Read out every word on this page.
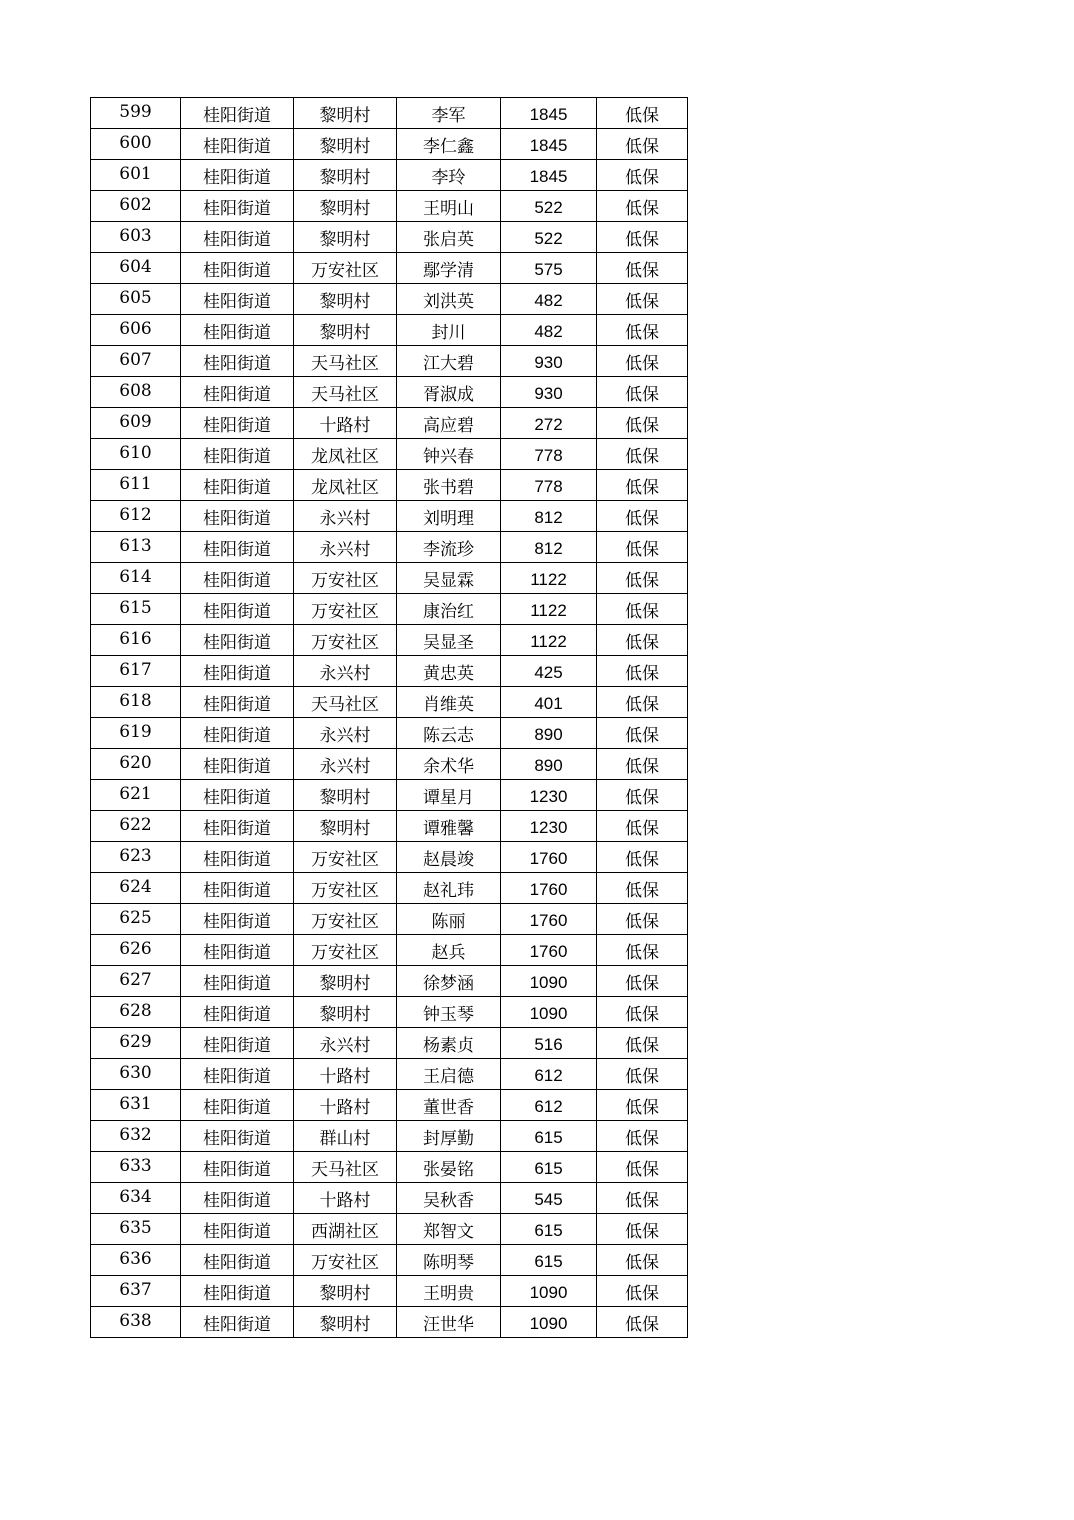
599	桂阳街道	黎明村	李军	1845	低保
600	桂阳街道	黎明村	李仁鑫	1845	低保
601	桂阳街道	黎明村	李玲	1845	低保
602	桂阳街道	黎明村	王明山	522	低保
603	桂阳街道	黎明村	张启英	522	低保
604	桂阳街道	万安社区	鄢学清	575	低保
605	桂阳街道	黎明村	刘洪英	482	低保
606	桂阳街道	黎明村	封川	482	低保
607	桂阳街道	天马社区	江大碧	930	低保
608	桂阳街道	天马社区	胥淑成	930	低保
609	桂阳街道	十路村	高应碧	272	低保
610	桂阳街道	龙凤社区	钟兴春	778	低保
611	桂阳街道	龙凤社区	张书碧	778	低保
612	桂阳街道	永兴村	刘明理	812	低保
613	桂阳街道	永兴村	李流珍	812	低保
614	桂阳街道	万安社区	吴显霖	1122	低保
615	桂阳街道	万安社区	康治红	1122	低保
616	桂阳街道	万安社区	吴显圣	1122	低保
617	桂阳街道	永兴村	黄忠英	425	低保
618	桂阳街道	天马社区	肖维英	401	低保
619	桂阳街道	永兴村	陈云志	890	低保
620	桂阳街道	永兴村	余术华	890	低保
621	桂阳街道	黎明村	谭星月	1230	低保
622	桂阳街道	黎明村	谭雅馨	1230	低保
623	桂阳街道	万安社区	赵晨竣	1760	低保
624	桂阳街道	万安社区	赵礼玮	1760	低保
625	桂阳街道	万安社区	陈丽	1760	低保
626	桂阳街道	万安社区	赵兵	1760	低保
627	桂阳街道	黎明村	徐梦涵	1090	低保
628	桂阳街道	黎明村	钟玉琴	1090	低保
629	桂阳街道	永兴村	杨素贞	516	低保
630	桂阳街道	十路村	王启德	612	低保
631	桂阳街道	十路村	董世香	612	低保
632	桂阳街道	群山村	封厚勤	615	低保
633	桂阳街道	天马社区	张晏铭	615	低保
634	桂阳街道	十路村	吴秋香	545	低保
635	桂阳街道	西湖社区	郑智文	615	低保
636	桂阳街道	万安社区	陈明琴	615	低保
637	桂阳街道	黎明村	王明贵	1090	低保
638	桂阳街道	黎明村	汪世华	1090	低保
